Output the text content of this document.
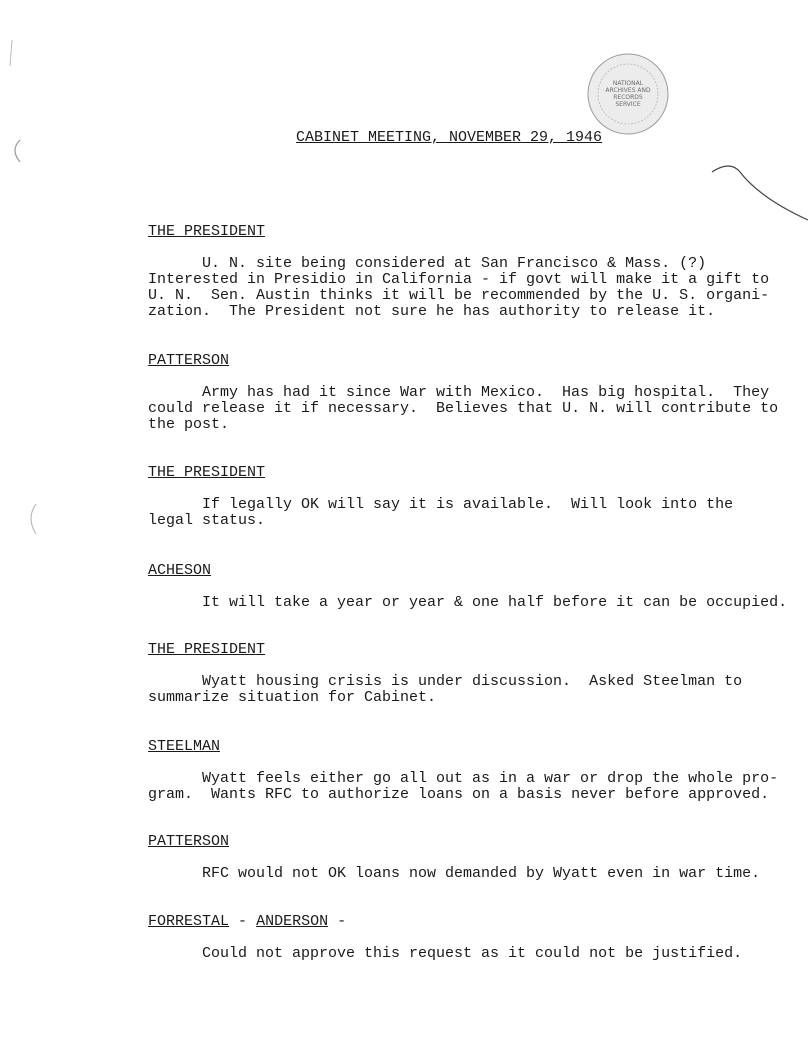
NATIONAL
ARCHIVES AND
RECORDS
SERVICE
CABINET MEETING, NOVEMBER 29, 1946
THE PRESIDENT
U. N. site being considered at San Francisco & Mass. (?)
Interested in Presidio in California - if govt will make it a gift to
U. N.  Sen. Austin thinks it will be recommended by the U. S. organi-
zation.  The President not sure he has authority to release it.
PATTERSON
Army has had it since War with Mexico.  Has big hospital.  They
could release it if necessary.  Believes that U. N. will contribute to
the post.
THE PRESIDENT
If legally OK will say it is available.  Will look into the
legal status.
ACHESON
It will take a year or year & one half before it can be occupied.
THE PRESIDENT
Wyatt housing crisis is under discussion.  Asked Steelman to
summarize situation for Cabinet.
STEELMAN
Wyatt feels either go all out as in a war or drop the whole pro-
gram.  Wants RFC to authorize loans on a basis never before approved.
PATTERSON
RFC would not OK loans now demanded by Wyatt even in war time.
FORRESTAL - ANDERSON -
Could not approve this request as it could not be justified.
